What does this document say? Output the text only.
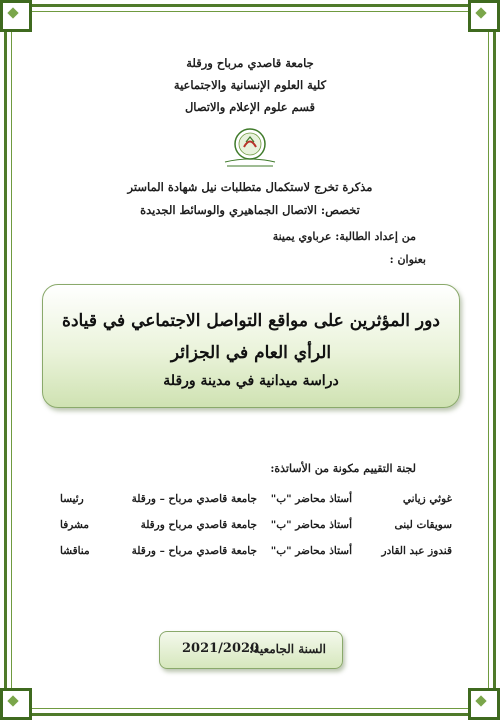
جامعة قاصدي مرباح ورقلة
كلية العلوم الإنسانية والاجتماعية
قسم علوم الإعلام والاتصال
مذكرة تخرج لاستكمال متطلبات نيل شهادة الماستر
تخصص: الاتصال الجماهيري والوسائط الجديدة
من إعداد الطالبة: عرباوي يمينة
بعنوان :
دور المؤثرين على مواقع التواصل الاجتماعي في قيادة الرأي العام في الجزائر
دراسة ميدانية في مدينة ورقلة
لجنة التقييم مكونة من الأساتذة:
غوثي زياني
أستاذ محاضر "ب"
جامعة قاصدي مرباح – ورقلة
رئيسا
سويقات لبنى
أستاذ محاضر "ب"
جامعة قاصدي مرباح ورقلة
مشرفا
قندوز عبد القادر
أستاذ محاضر "ب"
جامعة قاصدي مرباح – ورقلة
مناقشا
السنة الجامعية:
2021/2020
